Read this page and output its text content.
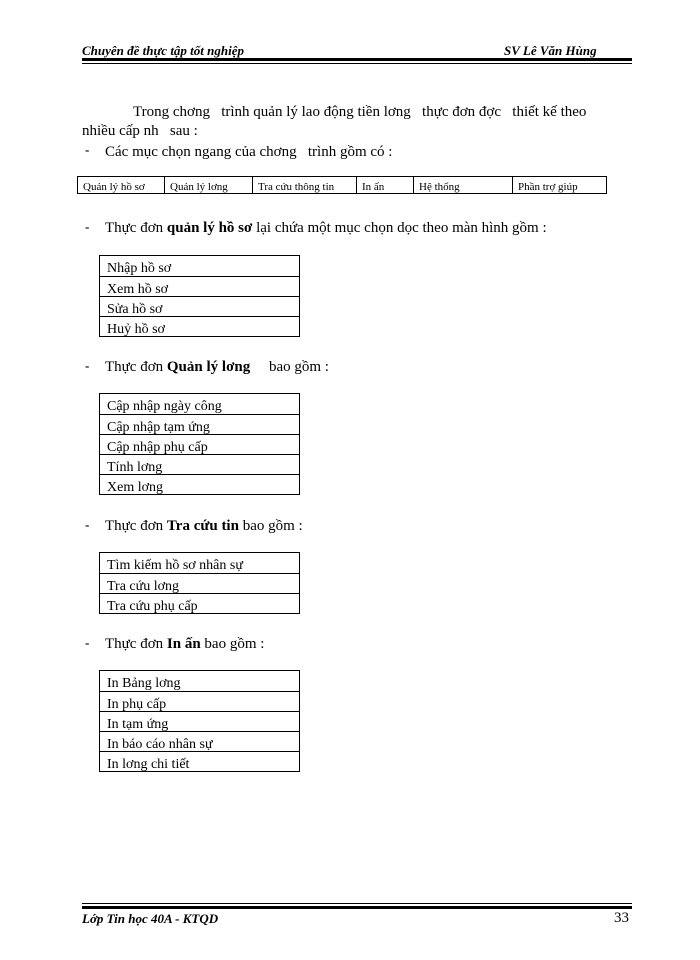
Chuyên đề thực tập tốt nghiệp	SV Lê Văn Hùng
Trong chơng   trình quản lý lao động tiền lơng   thực đơn đợc   thiết kế theo
nhiều cấp nh   sau :
- Các mục chọn ngang của chơng   trình gồm có :
Quản lý hồ sơ	Quản lý lơng	Tra cứu thông tin	In ấn	Hệ thống	Phần trợ giúp
- Thực đơn quản lý hồ sơ lại chứa một mục chọn dọc theo màn hình gồm :
Nhập hồ sơ
Xem hồ sơ
Sửa hồ sơ
Huỷ hồ sơ
- Thực đơn Quản lý lơng     bao gồm :
Cập nhập ngày công
Cập nhập tạm ứng
Cập nhập phụ cấp
Tính lơng
Xem lơng
- Thực đơn Tra cứu tin bao gồm :
Tìm kiếm hồ sơ nhân sự
Tra cứu lơng
Tra cứu phụ cấp
- Thực đơn In ấn bao gồm :
In Bảng lơng
In phụ cấp
In tạm ứng
In báo cáo nhân sự
In lơng chi tiết
Lớp Tin học 40A - KTQD	33
